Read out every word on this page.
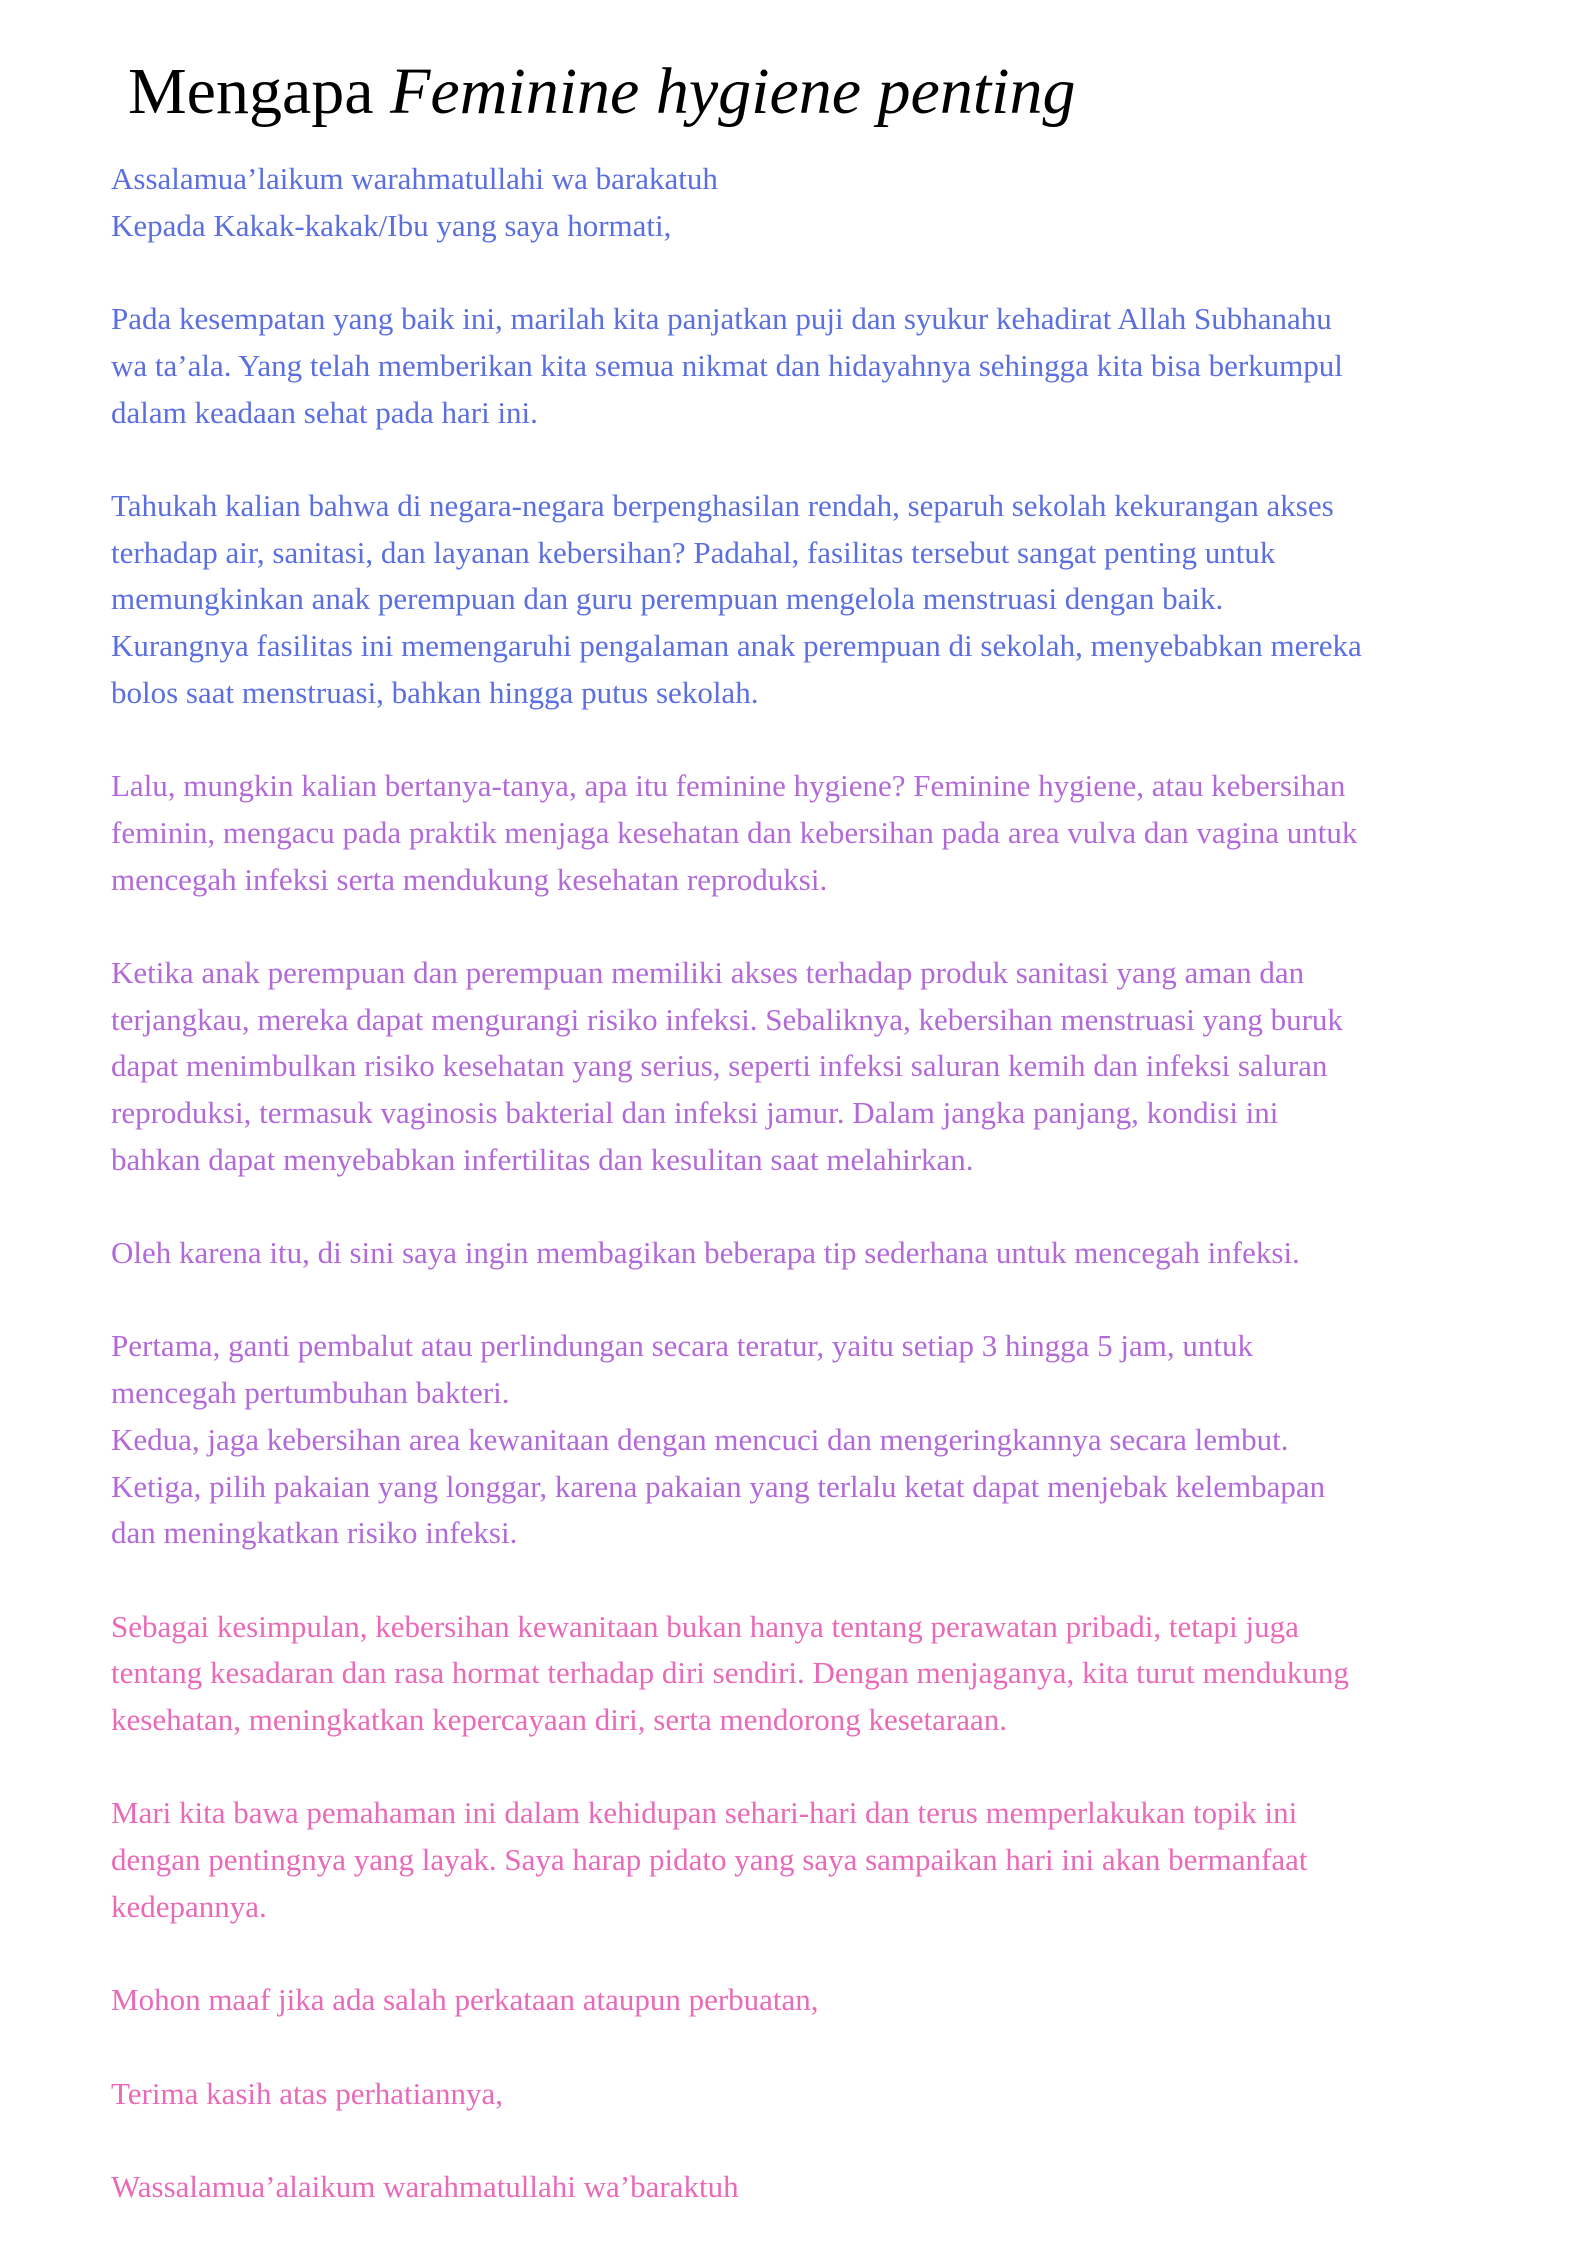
Mengapa Feminine hygiene penting

Assalamua’laikum warahmatullahi wa barakatuh
Kepada Kakak-kakak/Ibu yang saya hormati,

Pada kesempatan yang baik ini, marilah kita panjatkan puji dan syukur kehadirat Allah Subhanahu
wa ta’ala. Yang telah memberikan kita semua nikmat dan hidayahnya sehingga kita bisa berkumpul
dalam keadaan sehat pada hari ini.

Tahukah kalian bahwa di negara-negara berpenghasilan rendah, separuh sekolah kekurangan akses
terhadap air, sanitasi, dan layanan kebersihan? Padahal, fasilitas tersebut sangat penting untuk
memungkinkan anak perempuan dan guru perempuan mengelola menstruasi dengan baik.
Kurangnya fasilitas ini memengaruhi pengalaman anak perempuan di sekolah, menyebabkan mereka
bolos saat menstruasi, bahkan hingga putus sekolah.

Lalu, mungkin kalian bertanya-tanya, apa itu feminine hygiene? Feminine hygiene, atau kebersihan
feminin, mengacu pada praktik menjaga kesehatan dan kebersihan pada area vulva dan vagina untuk
mencegah infeksi serta mendukung kesehatan reproduksi.

Ketika anak perempuan dan perempuan memiliki akses terhadap produk sanitasi yang aman dan
terjangkau, mereka dapat mengurangi risiko infeksi. Sebaliknya, kebersihan menstruasi yang buruk
dapat menimbulkan risiko kesehatan yang serius, seperti infeksi saluran kemih dan infeksi saluran
reproduksi, termasuk vaginosis bakterial dan infeksi jamur. Dalam jangka panjang, kondisi ini
bahkan dapat menyebabkan infertilitas dan kesulitan saat melahirkan.

Oleh karena itu, di sini saya ingin membagikan beberapa tip sederhana untuk mencegah infeksi.

Pertama, ganti pembalut atau perlindungan secara teratur, yaitu setiap 3 hingga 5 jam, untuk
mencegah pertumbuhan bakteri.
Kedua, jaga kebersihan area kewanitaan dengan mencuci dan mengeringkannya secara lembut.
Ketiga, pilih pakaian yang longgar, karena pakaian yang terlalu ketat dapat menjebak kelembapan
dan meningkatkan risiko infeksi.

Sebagai kesimpulan, kebersihan kewanitaan bukan hanya tentang perawatan pribadi, tetapi juga
tentang kesadaran dan rasa hormat terhadap diri sendiri. Dengan menjaganya, kita turut mendukung
kesehatan, meningkatkan kepercayaan diri, serta mendorong kesetaraan.

Mari kita bawa pemahaman ini dalam kehidupan sehari-hari dan terus memperlakukan topik ini
dengan pentingnya yang layak. Saya harap pidato yang saya sampaikan hari ini akan bermanfaat
kedepannya.

Mohon maaf jika ada salah perkataan ataupun perbuatan,

Terima kasih atas perhatiannya,

Wassalamua’alaikum warahmatullahi wa’baraktuh
